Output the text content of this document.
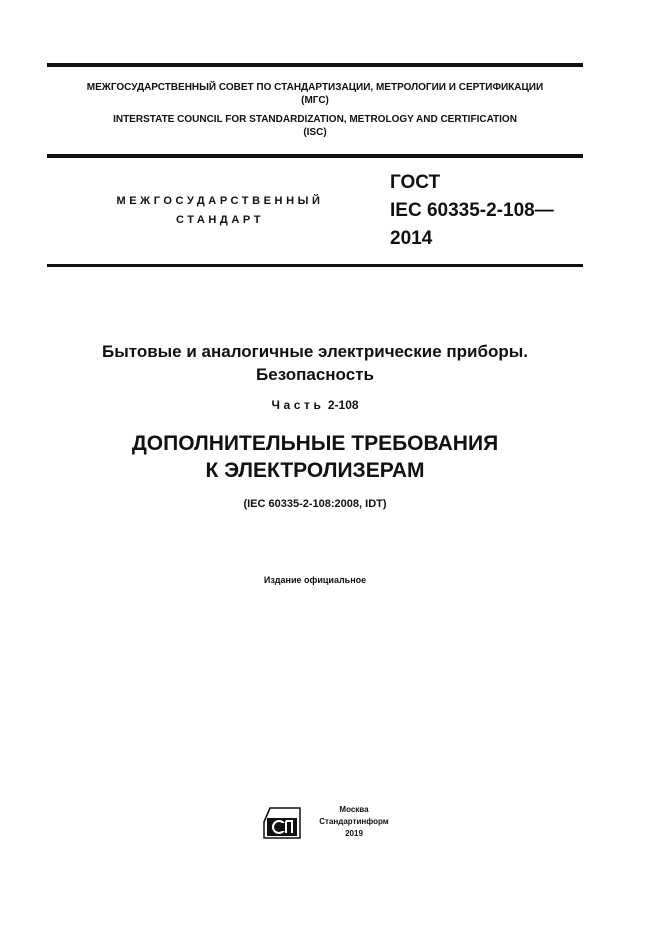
МЕЖГОСУДАРСТВЕННЫЙ СОВЕТ ПО СТАНДАРТИЗАЦИИ, МЕТРОЛОГИИ И СЕРТИФИКАЦИИ
(МГС)
INTERSTATE COUNCIL FOR STANDARDIZATION, METROLOGY AND CERTIFICATION
(ISC)
МЕЖГОСУДАРСТВЕННЫЙ
СТАНДАРТ
ГОСТ
IEC 60335-2-108—
2014
Бытовые и аналогичные электрические приборы.
Безопасность
Часть 2-108
ДОПОЛНИТЕЛЬНЫЕ ТРЕБОВАНИЯ
К ЭЛЕКТРОЛИЗЕРАМ
(IEC 60335-2-108:2008, IDT)
Издание официальное
Москва
Стандартинформ
2019
